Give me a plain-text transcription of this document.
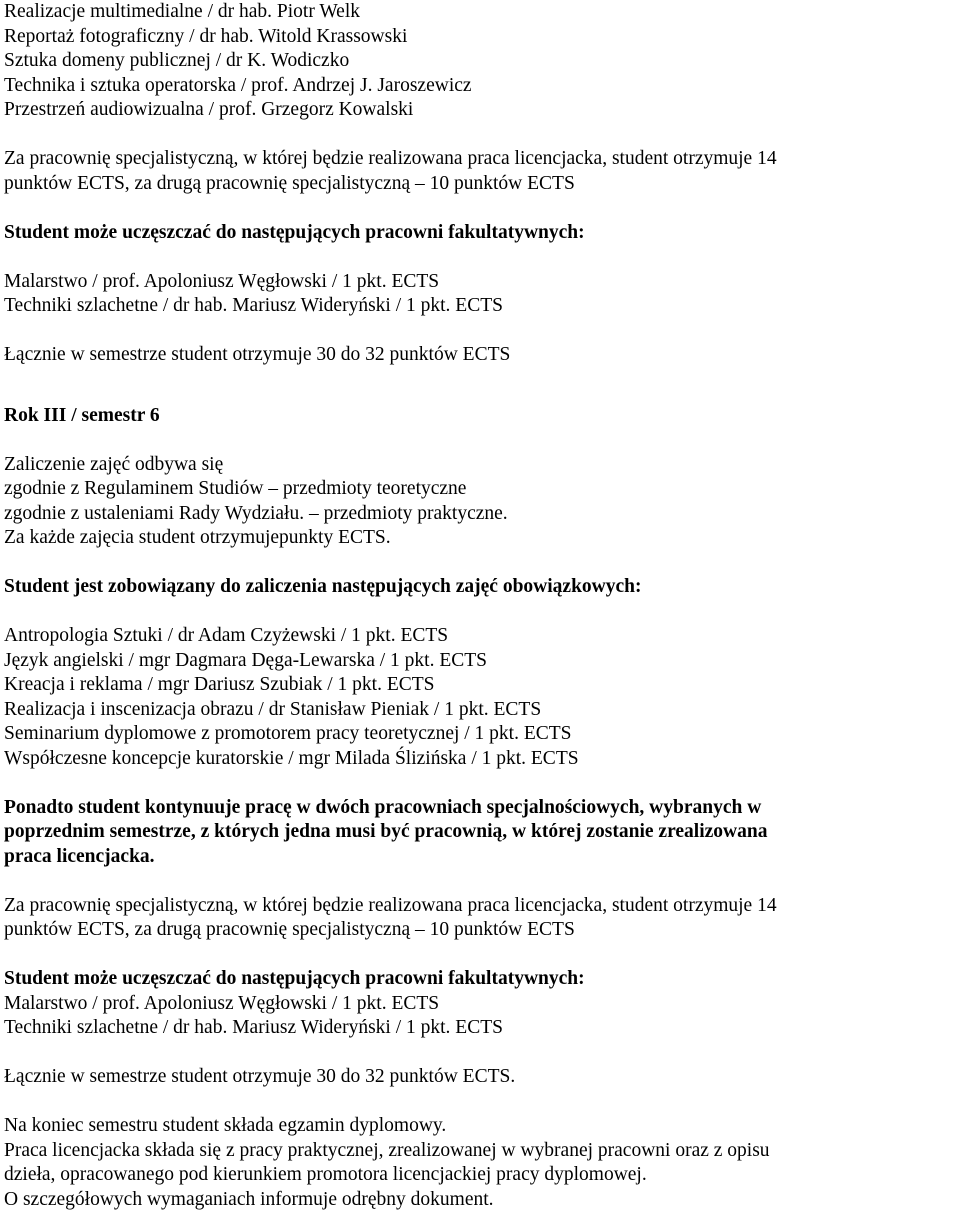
Realizacje multimedialne / dr hab. Piotr Welk
Reportaż fotograficzny / dr hab. Witold Krassowski
Sztuka domeny publicznej / dr K. Wodiczko
Technika i sztuka operatorska / prof. Andrzej J. Jaroszewicz
Przestrzeń audiowizualna / prof. Grzegorz Kowalski
Za pracownię specjalistyczną, w której będzie realizowana praca licencjacka, student otrzymuje 14
punktów ECTS, za drugą pracownię specjalistyczną – 10 punktów ECTS
Student może uczęszczać do następujących pracowni fakultatywnych:
Malarstwo / prof. Apoloniusz Węgłowski / 1 pkt. ECTS
Techniki szlachetne / dr hab. Mariusz Wideryński / 1 pkt. ECTS
Łącznie w semestrze student otrzymuje 30 do 32 punktów ECTS
Rok III / semestr 6
Zaliczenie zajęć odbywa się
zgodnie z Regulaminem Studiów – przedmioty teoretyczne
zgodnie z ustaleniami Rady Wydziału. – przedmioty praktyczne.
Za każde zajęcia student otrzymujepunkty ECTS.
Student jest zobowiązany do zaliczenia następujących zajęć obowiązkowych:
Antropologia Sztuki / dr Adam Czyżewski / 1 pkt. ECTS
Język angielski / mgr Dagmara Dęga-Lewarska / 1 pkt. ECTS
Kreacja i reklama / mgr Dariusz Szubiak / 1 pkt. ECTS
Realizacja i inscenizacja obrazu / dr Stanisław Pieniak / 1 pkt. ECTS
Seminarium dyplomowe z promotorem pracy teoretycznej / 1 pkt. ECTS
Współczesne koncepcje kuratorskie / mgr Milada Ślizińska / 1 pkt. ECTS
Ponadto student kontynuuje pracę w dwóch pracowniach specjalnościowych, wybranych w
poprzednim semestrze, z których jedna musi być pracownią, w której zostanie zrealizowana
praca licencjacka.
Za pracownię specjalistyczną, w której będzie realizowana praca licencjacka, student otrzymuje 14
punktów ECTS, za drugą pracownię specjalistyczną – 10 punktów ECTS
Student może uczęszczać do następujących pracowni fakultatywnych:
Malarstwo / prof. Apoloniusz Węgłowski / 1 pkt. ECTS
Techniki szlachetne / dr hab. Mariusz Wideryński / 1 pkt. ECTS
Łącznie w semestrze student otrzymuje 30 do 32 punktów ECTS.
Na koniec semestru student składa egzamin dyplomowy.
Praca licencjacka składa się z pracy praktycznej, zrealizowanej w wybranej pracowni oraz z opisu
dzieła, opracowanego pod kierunkiem promotora licencjackiej pracy dyplomowej.
O szczegółowych wymaganiach informuje odrębny dokument.
